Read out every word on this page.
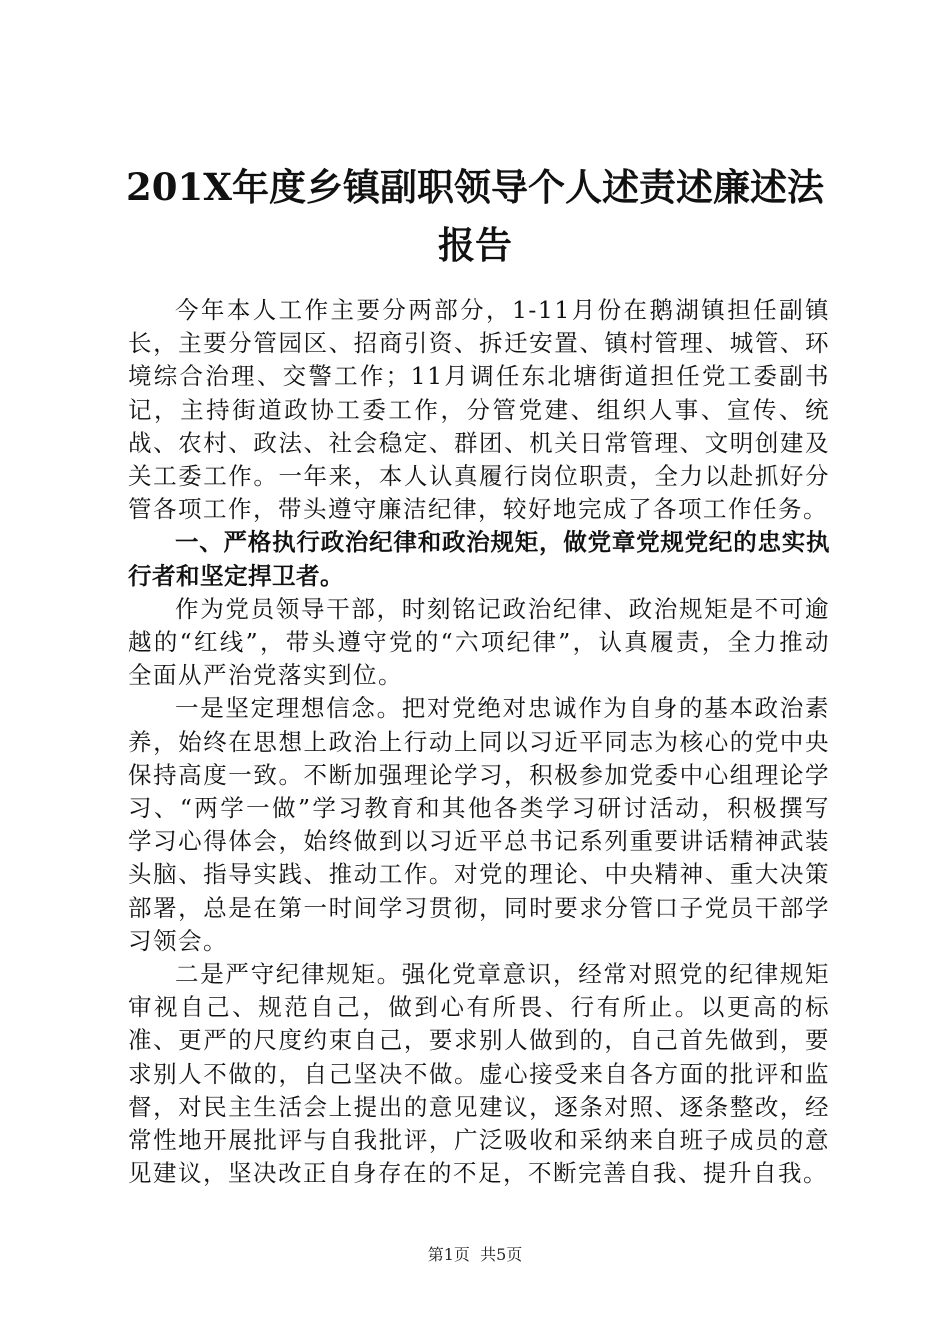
201X年度乡镇副职领导个人述责述廉述法报告

今年本人工作主要分两部分，1-11月份在鹅湖镇担任副镇长，主要分管园区、招商引资、拆迁安置、镇村管理、城管、环境综合治理、交警工作；11月调任东北塘街道担任党工委副书记，主持街道政协工委工作，分管党建、组织人事、宣传、统战、农村、政法、社会稳定、群团、机关日常管理、文明创建及关工委工作。一年来，本人认真履行岗位职责，全力以赴抓好分管各项工作，带头遵守廉洁纪律，较好地完成了各项工作任务。

一、严格执行政治纪律和政治规矩，做党章党规党纪的忠实执行者和坚定捍卫者。

作为党员领导干部，时刻铭记政治纪律、政治规矩是不可逾越的“红线”，带头遵守党的“六项纪律”，认真履责，全力推动全面从严治党落实到位。

一是坚定理想信念。把对党绝对忠诚作为自身的基本政治素养，始终在思想上政治上行动上同以习近平同志为核心的党中央保持高度一致。不断加强理论学习，积极参加党委中心组理论学习、“两学一做”学习教育和其他各类学习研讨活动，积极撰写学习心得体会，始终做到以习近平总书记系列重要讲话精神武装头脑、指导实践、推动工作。对党的理论、中央精神、重大决策部署，总是在第一时间学习贯彻，同时要求分管口子党员干部学习领会。

二是严守纪律规矩。强化党章意识，经常对照党的纪律规矩审视自己、规范自己，做到心有所畏、行有所止。以更高的标准、更严的尺度约束自己，要求别人做到的，自己首先做到，要求别人不做的，自己坚决不做。虚心接受来自各方面的批评和监督，对民主生活会上提出的意见建议，逐条对照、逐条整改，经常性地开展批评与自我批评，广泛吸收和采纳来自班子成员的意见建议，坚决改正自身存在的不足，不断完善自我、提升自我。

第1页  共5页
